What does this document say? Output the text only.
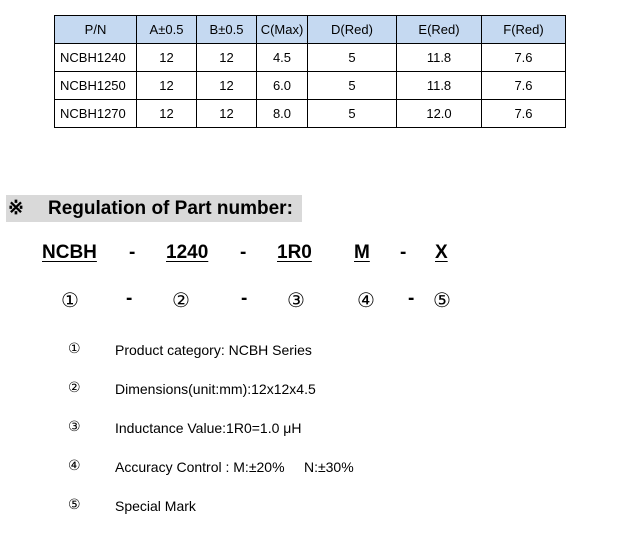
P/N	A±0.5	B±0.5	C(Max)	D(Red)	E(Red)	F(Red)
NCBH1240	12	12	4.5	5	11.8	7.6
NCBH1250	12	12	6.0	5	11.8	7.6
NCBH1270	12	12	8.0	5	12.0	7.6
※	Regulation of Part number:
NCBH - 1240 - 1R0 M - X
① - ②	- ③	④ - ⑤
① Product category: NCBH Series
② Dimensions(unit:mm):12x12x4.5
③ Inductance Value:1R0=1.0 μH
④ Accuracy Control : M:±20%     N:±30%
⑤ Special Mark
